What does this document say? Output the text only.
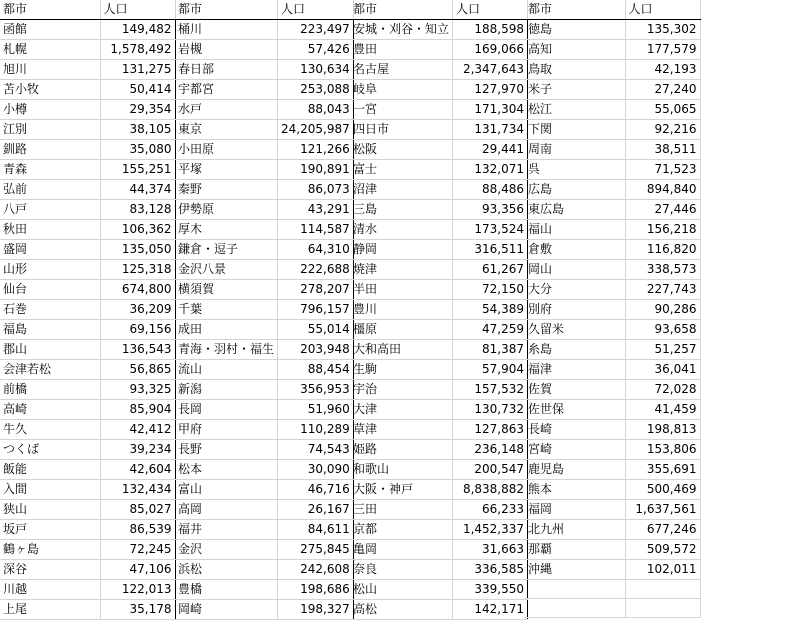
都市	人口
函館	149,482
札幌	1,578,492
旭川	131,275
苫小牧	50,414
小樽	29,354
江別	38,105
釧路	35,080
青森	155,251
弘前	44,374
八戸	83,128
秋田	106,362
盛岡	135,050
山形	125,318
仙台	674,800
石巻	36,209
福島	69,156
郡山	136,543
会津若松	56,865
前橋	93,325
高崎	85,904
牛久	42,412
つくば	39,234
飯能	42,604
入間	132,434
狭山	85,027
坂戸	86,539
鶴ヶ島	72,245
深谷	47,106
川越	122,013
上尾	35,178
都市	人口
桶川	223,497
岩槻	57,426
春日部	130,634
宇都宮	253,088
水戸	88,043
東京	24,205,987
小田原	121,266
平塚	190,891
秦野	86,073
伊勢原	43,291
厚木	114,587
鎌倉・逗子	64,310
金沢八景	222,688
横須賀	278,207
千葉	796,157
成田	55,014
青海・羽村・福生	203,948
流山	88,454
新潟	356,953
長岡	51,960
甲府	110,289
長野	74,543
松本	30,090
富山	46,716
高岡	26,167
福井	84,611
金沢	275,845
浜松	242,608
豊橋	198,686
岡崎	198,327
都市	人口
安城・刈谷・知立	188,598
豊田	169,066
名古屋	2,347,643
岐阜	127,970
一宮	171,304
四日市	131,734
松阪	29,441
富士	132,071
沼津	88,486
三島	93,356
清水	173,524
静岡	316,511
焼津	61,267
半田	72,150
豊川	54,389
橿原	47,259
大和高田	81,387
生駒	57,904
宇治	157,532
大津	130,732
草津	127,863
姫路	236,148
和歌山	200,547
大阪・神戸	8,838,882
三田	66,233
京都	1,452,337
亀岡	31,663
奈良	336,585
松山	339,550
高松	142,171
都市	人口
徳島	135,302
高知	177,579
鳥取	42,193
米子	27,240
松江	55,065
下関	92,216
周南	38,511
呉	71,523
広島	894,840
東広島	27,446
福山	156,218
倉敷	116,820
岡山	338,573
大分	227,743
別府	90,286
久留米	93,658
糸島	51,257
福津	36,041
佐賀	72,028
佐世保	41,459
長崎	198,813
宮崎	153,806
鹿児島	355,691
熊本	500,469
福岡	1,637,561
北九州	677,246
那覇	509,572
沖縄	102,011
